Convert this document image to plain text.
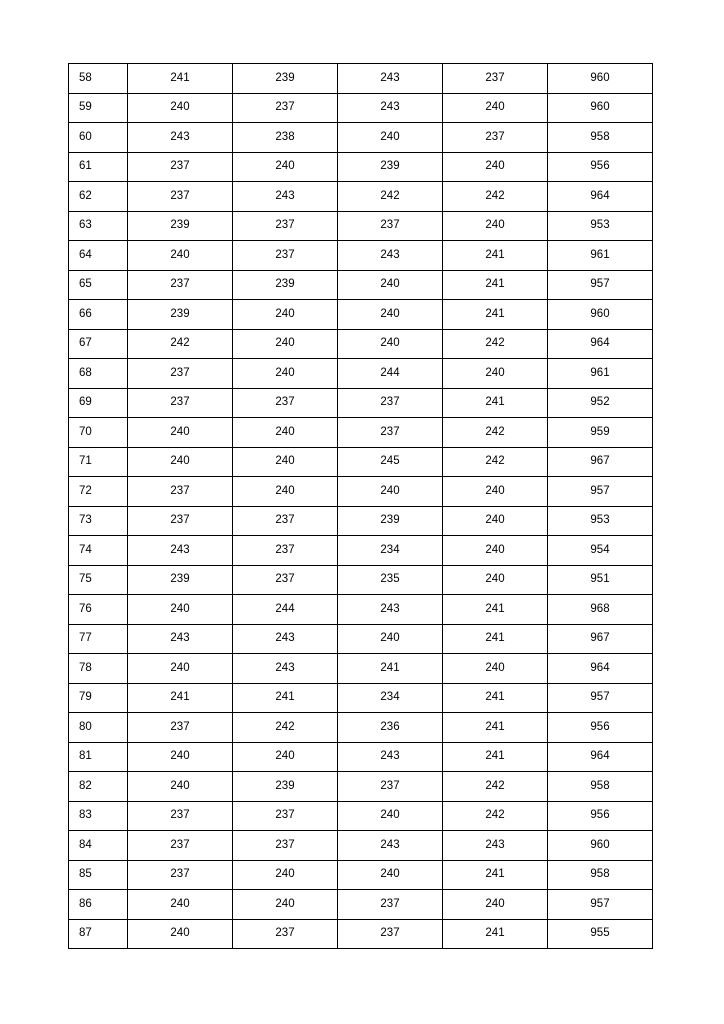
58	241	239	243	237	960
59	240	237	243	240	960
60	243	238	240	237	958
61	237	240	239	240	956
62	237	243	242	242	964
63	239	237	237	240	953
64	240	237	243	241	961
65	237	239	240	241	957
66	239	240	240	241	960
67	242	240	240	242	964
68	237	240	244	240	961
69	237	237	237	241	952
70	240	240	237	242	959
71	240	240	245	242	967
72	237	240	240	240	957
73	237	237	239	240	953
74	243	237	234	240	954
75	239	237	235	240	951
76	240	244	243	241	968
77	243	243	240	241	967
78	240	243	241	240	964
79	241	241	234	241	957
80	237	242	236	241	956
81	240	240	243	241	964
82	240	239	237	242	958
83	237	237	240	242	956
84	237	237	243	243	960
85	237	240	240	241	958
86	240	240	237	240	957
87	240	237	237	241	955
